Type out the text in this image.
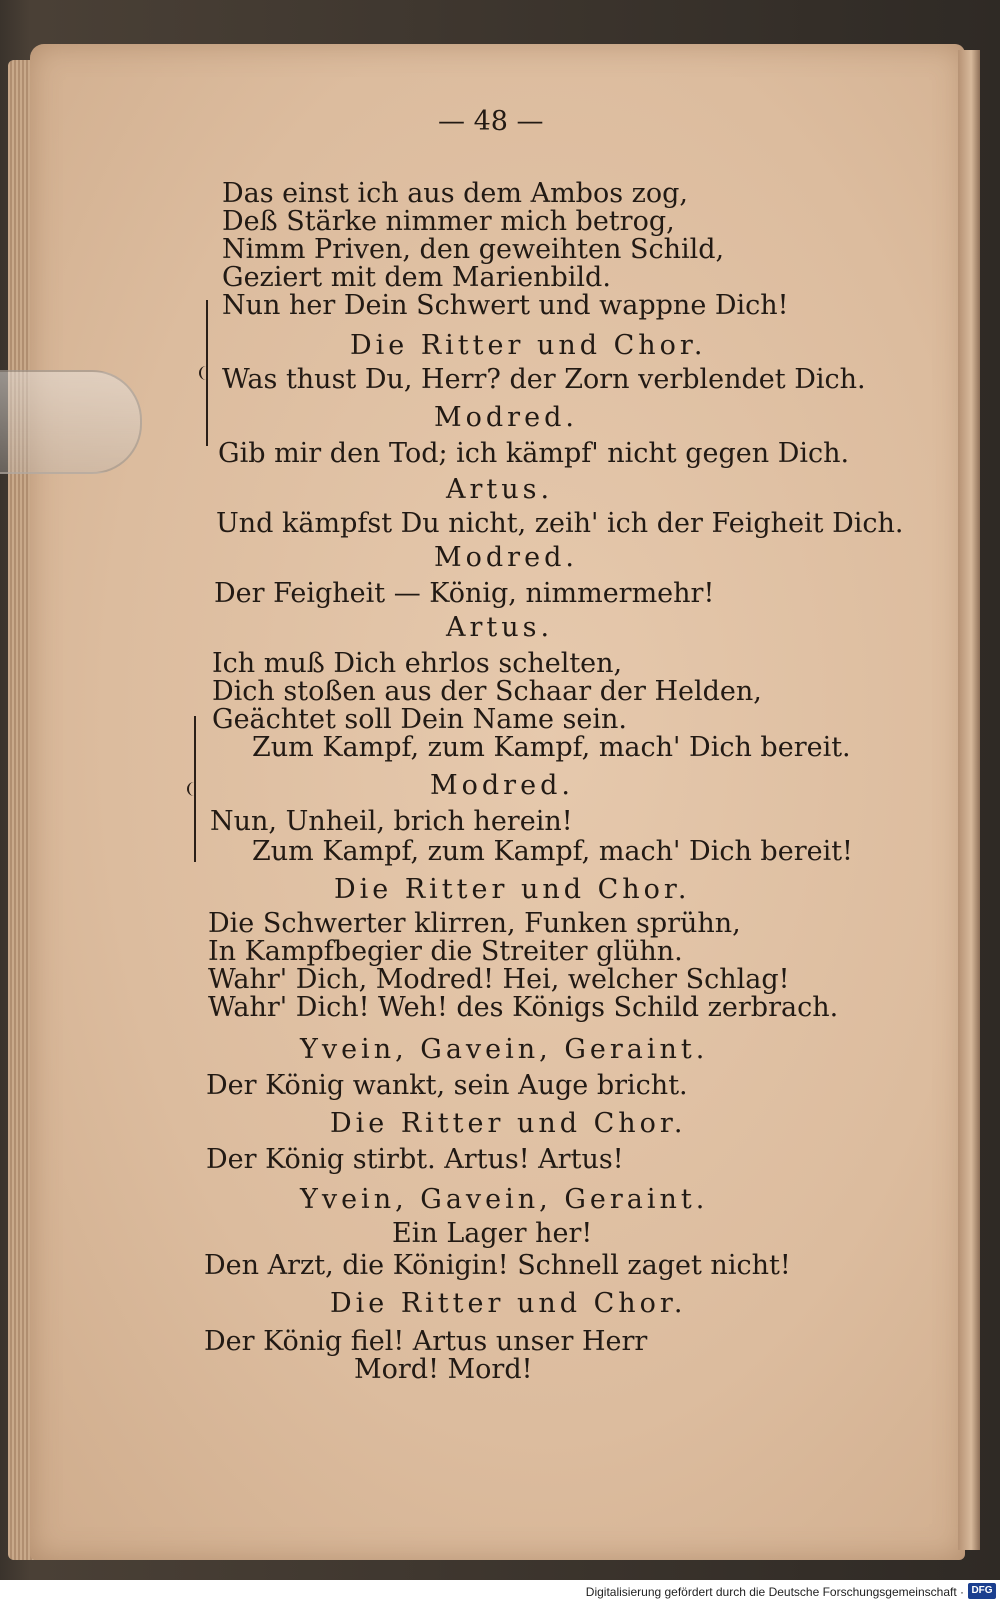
— 48 —
Das einst ich aus dem Ambos zog,
Deß Stärke nimmer mich betrog,
Nimm Priven, den geweihten Schild,
Geziert mit dem Marienbild.
Nun her Dein Schwert und wappne Dich!
Die Ritter und Chor.
Was thust Du, Herr? der Zorn verblendet Dich.
Modred.
Gib mir den Tod; ich kämpf' nicht gegen Dich.
Artus.
Und kämpfst Du nicht, zeih' ich der Feigheit Dich.
Modred.
Der Feigheit — König, nimmermehr!
Artus.
Ich muß Dich ehrlos schelten,
Dich stoßen aus der Schaar der Helden,
Geächtet soll Dein Name sein.
Zum Kampf, zum Kampf, mach' Dich bereit.
Modred.
Nun, Unheil, brich herein!
Zum Kampf, zum Kampf, mach' Dich bereit!
Die Ritter und Chor.
Die Schwerter klirren, Funken sprühn,
In Kampfbegier die Streiter glühn.
Wahr' Dich, Modred! Hei, welcher Schlag!
Wahr' Dich! Weh! des Königs Schild zerbrach.
Yvein, Gavein, Geraint.
Der König wankt, sein Auge bricht.
Die Ritter und Chor.
Der König stirbt. Artus! Artus!
Yvein, Gavein, Geraint.
Ein Lager her!
Den Arzt, die Königin! Schnell zaget nicht!
Die Ritter und Chor.
Der König fiel! Artus unser Herr
Mord! Mord!
Digitalisierung gefördert durch die Deutsche Forschungsgemeinschaft · DFG
